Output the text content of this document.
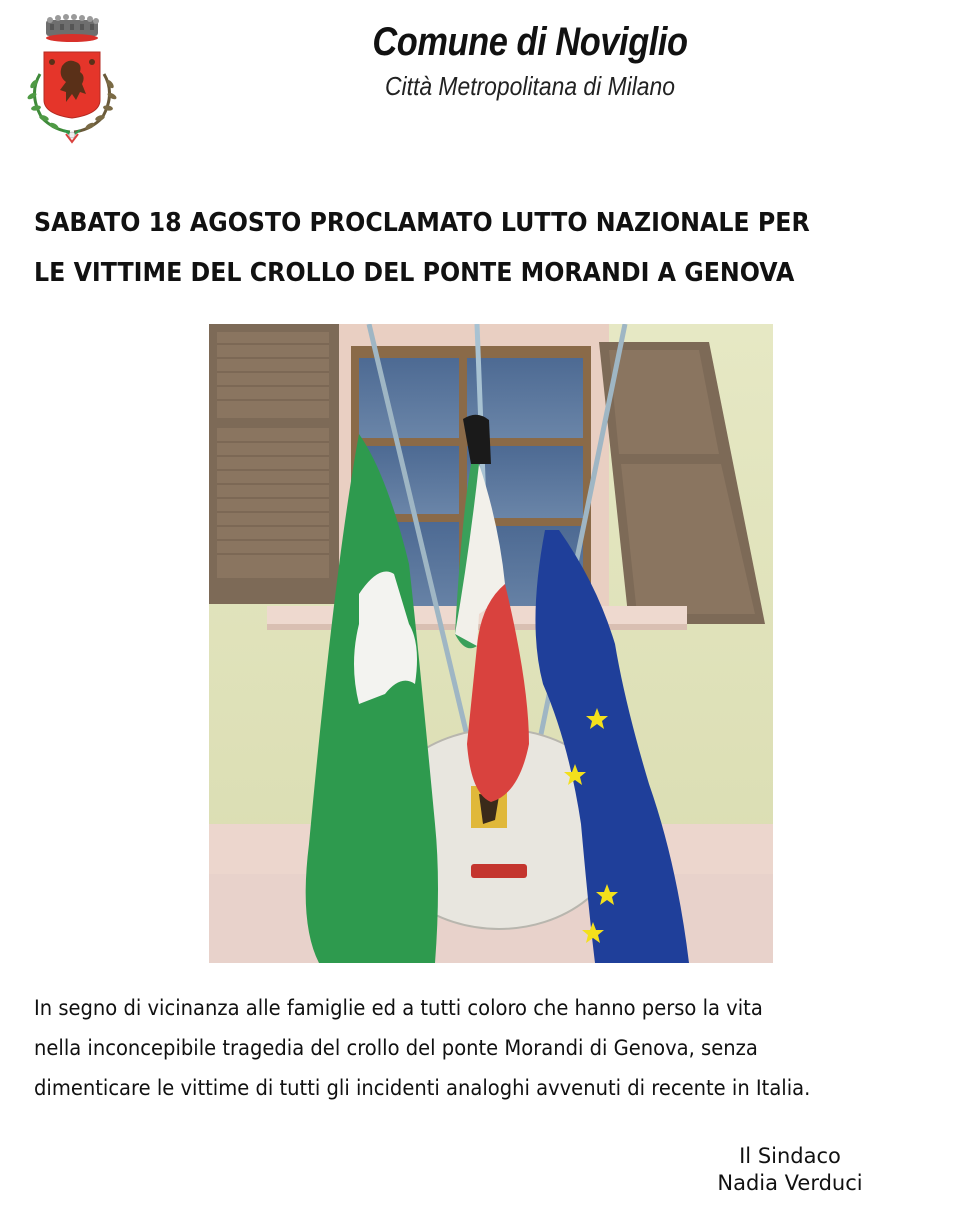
Comune di Noviglio
Città Metropolitana di Milano
SABATO 18 AGOSTO PROCLAMATO LUTTO NAZIONALE PER
LE VITTIME DEL CROLLO DEL PONTE MORANDI A GENOVA
In segno di vicinanza alle famiglie ed a tutti coloro che hanno perso la vita
nella inconcepibile tragedia del crollo del ponte Morandi di Genova, senza
dimenticare le vittime di tutti gli incidenti analoghi avvenuti di recente in Italia.
Il Sindaco
Nadia Verduci
